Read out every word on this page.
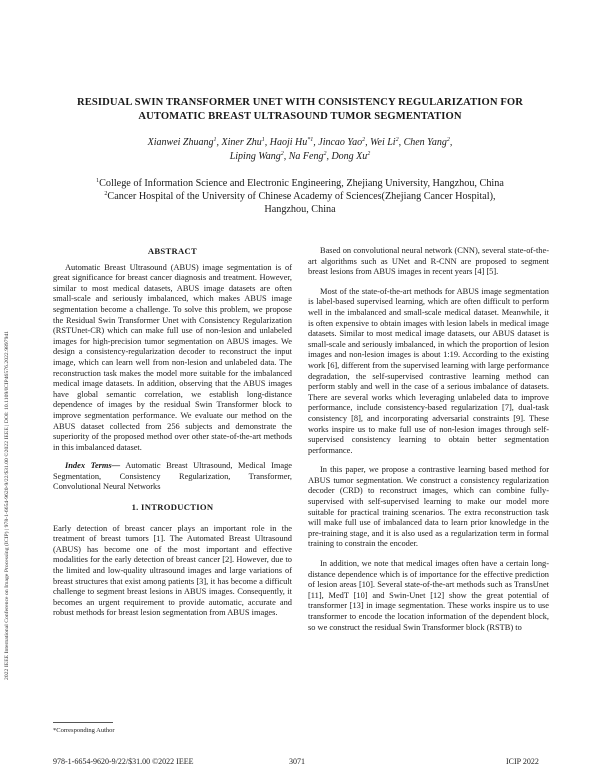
2022 IEEE International Conference on Image Processing (ICIP) | 978-1-6654-9620-9/22/$31.00 ©2022 IEEE | DOI: 10.1109/ICIP46576.2022.9897941
RESIDUAL SWIN TRANSFORMER UNET WITH CONSISTENCY REGULARIZATION FOR
AUTOMATIC BREAST ULTRASOUND TUMOR SEGMENTATION
Xianwei Zhuang$^1$, Xiner Zhu$^1$, Haoji Hu$^{*1}$, Jincao Yao$^2$, Wei Li$^2$, Chen Yang$^2$,
Liping Wang$^2$, Na Feng$^2$, Dong Xu$^2$
$^1$College of Information Science and Electronic Engineering, Zhejiang University, Hangzhou, China
$^2$Cancer Hospital of the University of Chinese Academy of Sciences(Zhejiang Cancer Hospital),
Hangzhou, China
ABSTRACT

Automatic Breast Ultrasound (ABUS) image segmentation is of great significance for breast cancer diagnosis and treatment. However, similar to most medical datasets, ABUS image datasets are often small-scale and seriously imbalanced, which makes ABUS image segmentation become a challenge. To solve this problem, we propose the Residual Swin Transformer Unet with Consistency Regularization (RSTUnet-CR) which can make full use of non-lesion and unlabeled images for high-precision tumor segmentation on ABUS images. We design a consistency-regularization decoder to reconstruct the input image, which can learn well from non-lesion and unlabeled data. The reconstruction task makes the model more suitable for the imbalanced medical image datasets. In addition, observing that the ABUS images have global semantic correlation, we establish long-distance dependence of images by the residual Swin Transformer block to improve segmentation performance. We evaluate our method on the ABUS dataset collected from 256 subjects and demonstrate the superiority of the proposed method over other state-of-the-art methods in this imbalanced dataset.

Index Terms— Automatic Breast Ultrasound, Medical Image Segmentation, Consistency Regularization, Transformer, Convolutional Neural Networks

1. INTRODUCTION

Early detection of breast cancer plays an important role in the treatment of breast tumors [1]. The Automated Breast Ultrasound (ABUS) has become one of the most important and effective modalities for the early detection of breast cancer [2]. However, due to the limited and low-quality ultrasound images and large variations of breast structures that exist among patients [3], it has become a difficult challenge to segment breast lesions in ABUS images. Consequently, it becomes an urgent requirement to provide automatic, accurate and robust methods for breast lesion segmentation from ABUS images.

*Corresponding Author

Based on convolutional neural network (CNN), several state-of-the-art algorithms such as UNet and R-CNN are proposed to segment breast lesions from ABUS images in recent years [4] [5].

Most of the state-of-the-art methods for ABUS image segmentation is label-based supervised learning, which are often difficult to perform well in the imbalanced and small-scale medical dataset. Meanwhile, it is often expensive to obtain images with lesion labels in medical image datasets. Similar to most medical image datasets, our ABUS dataset is small-scale and seriously imbalanced, in which the proportion of lesion images and non-lesion images is about 1:19. According to the existing work [6], different from the supervised learning with large performance degradation, the self-supervised contrastive learning method can perform stably and well in the case of a serious imbalance of datasets. There are several works which leveraging unlabeled data to improve performance, include consistency-based regularization [7], dual-task consistency [8], and incorporating adversarial constraints [9]. These works inspire us to make full use of non-lesion images through self-supervised consistency learning to obtain better segmentation performance.

In this paper, we propose a contrastive learning based method for ABUS tumor segmentation. We construct a consistency regularization decoder (CRD) to reconstruct images, which can combine fully-supervised with self-supervised learning to make our model more suitable for practical training scenarios. The extra reconstruction task will make full use of imbalanced data to learn prior knowledge in the pre-training stage, and it is also used as a regularization term in formal training to constrain the encoder.

In addition, we note that medical images often have a certain long-distance dependence which is of importance for the effective prediction of lesion areas [10]. Several state-of-the-art methods such as TransUnet [11], MedT [10] and Swin-Unet [12] show the great potential of transformer [13] in image segmentation. These works inspire us to use transformer to encode the location information of the dependent block, so we construct the residual Swin Transformer block (RSTB) to

978-1-6654-9620-9/22/$31.00 ©2022 IEEE	3071	ICIP 2022
